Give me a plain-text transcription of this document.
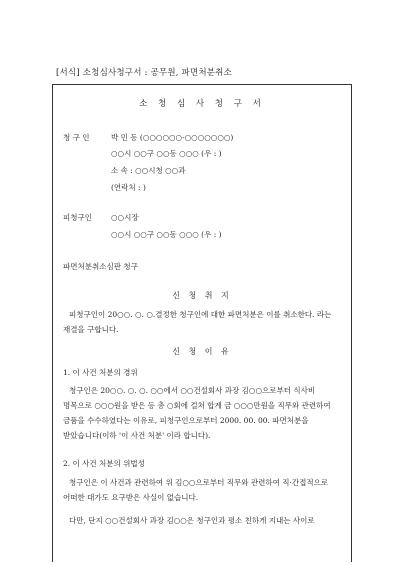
[서식] 소청심사청구서 : 공무원, 파면처분취소
소 청 심 사 청 구 서
청 구 인	박 민 동 (○○○○○○-○○○○○○○)
○○시 ○○구 ○○동 ○○○ (우 : )
소 속 : ○○시청 ○○과
(연락처 : )
피청구인	○○시장
○○시 ○○구 ○○동 ○○○ (우 : )
파면처분취소심판 청구
신 청 취 지
피청구인이 20○○. ○. ○.결정한 청구인에 대한 파면처분은 이를 취소한다. 라는 재결을 구합니다.
신 청 이 유
1. 이 사건 처분의 경위
청구인은 20○○. ○. ○. ○○에서 ○○건설회사 과장 김○○으로부터 식사비 명목으로 ○○○원을 받은 등 총 ○회에 걸쳐 합계 금 ○○○만원을 직무와 관련하여 금품을 수수하였다는 이유로, 피청구인으로부터 2000. 00. 00. 파면처분을 받았습니다(이하 '이 사건 처분' 이라 합니다).
2. 이 사건 처분의 위법성
청구인은 이 사건과 관련하여 위 김○○으로부터 직무와 관련하여 직·간접적으로 어떠한 대가도 요구받은 사실이 없습니다.
다만, 단지 ○○건설회사 과장 김○○은 청구인과 평소 친하게 지내는 사이로
